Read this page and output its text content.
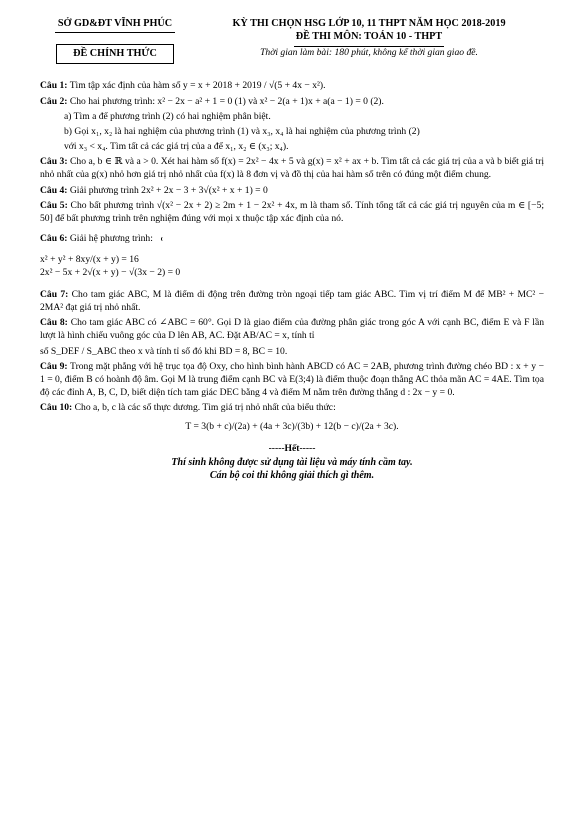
SỞ GD&ĐT VĨNH PHÚC
ĐỀ CHÍNH THỨC
KỲ THI CHỌN HSG LỚP 10, 11 THPT NĂM HỌC 2018-2019
ĐỀ THI MÔN: TOÁN 10 - THPT
Thời gian làm bài: 180 phút, không kể thời gian giao đề.

Câu 1: Tìm tập xác định của hàm số y = x + 2018 + 2019 / √(5 + 4x − x²).

Câu 2: Cho hai phương trình: x² − 2x − a² + 1 = 0 (1) và x² − 2(a + 1)x + a(a − 1) = 0 (2).

a) Tìm a để phương trình (2) có hai nghiệm phân biệt.

b) Gọi x₁, x₂ là hai nghiệm của phương trình (1) và x₃, x₄ là hai nghiệm của phương trình (2)

với x₃ < x₄. Tìm tất cả các giá trị của a để x₁, x₂ ∈ (x₃; x₄).

Câu 3: Cho a, b ∈ ℝ và a > 0. Xét hai hàm số f(x) = 2x² − 4x + 5 và g(x) = x² + ax + b. Tìm tất cả các giá trị của a và b biết giá trị nhỏ nhất của g(x) nhỏ hơn giá trị nhỏ nhất của f(x) là 8 đơn vị và đồ thị của hai hàm số trên có đúng một điểm chung.

Câu 4: Giải phương trình 2x² + 2x − 3 + 3√(x² + x + 1) = 0

Câu 5: Cho bất phương trình √(x² − 2x + 2) ≥ 2m + 1 − 2x² + 4x, m là tham số. Tính tổng tất cả các giá trị nguyên của m ∈ [−5; 50] để bất phương trình trên nghiệm đúng với mọi x thuộc tập xác định của nó.

Câu 6: Giải hệ phương trình:

x² + y² + 8xy/(x + y) = 16
2x² − 5x + 2√(x + y) − √(3x − 2) = 0

Câu 7: Cho tam giác ABC, M là điểm di động trên đường tròn ngoại tiếp tam giác ABC. Tìm vị trí điểm M để MB² + MC² − 2MA² đạt giá trị nhỏ nhất.

Câu 8: Cho tam giác ABC có ∠ABC = 60°. Gọi D là giao điểm của đường phân giác trong góc A với cạnh BC, điểm E và F lần lượt là hình chiếu vuông góc của D lên AB, AC. Đặt AB/AC = x, tính tỉ

số S_DEF / S_ABC theo x và tính tỉ số đó khi BD = 8, BC = 10.

Câu 9: Trong mặt phẳng với hệ trục tọa độ Oxy, cho hình bình hành ABCD có AC = 2AB, phương trình đường chéo BD : x + y − 1 = 0, điểm B có hoành độ âm. Gọi M là trung điểm cạnh BC và E(3;4) là điểm thuộc đoạn thẳng AC thỏa mãn AC = 4AE. Tìm tọa độ các đỉnh A, B, C, D, biết diện tích tam giác DEC bằng 4 và điểm M nằm trên đường thẳng d : 2x − y = 0.

Câu 10: Cho a, b, c là các số thực dương. Tìm giá trị nhỏ nhất của biểu thức:

T = 3(b + c)/(2a) + (4a + 3c)/(3b) + 12(b − c)/(2a + 3c).

-----Hết-----
Thí sinh không được sử dụng tài liệu và máy tính cầm tay.
Cán bộ coi thi không giải thích gì thêm.
